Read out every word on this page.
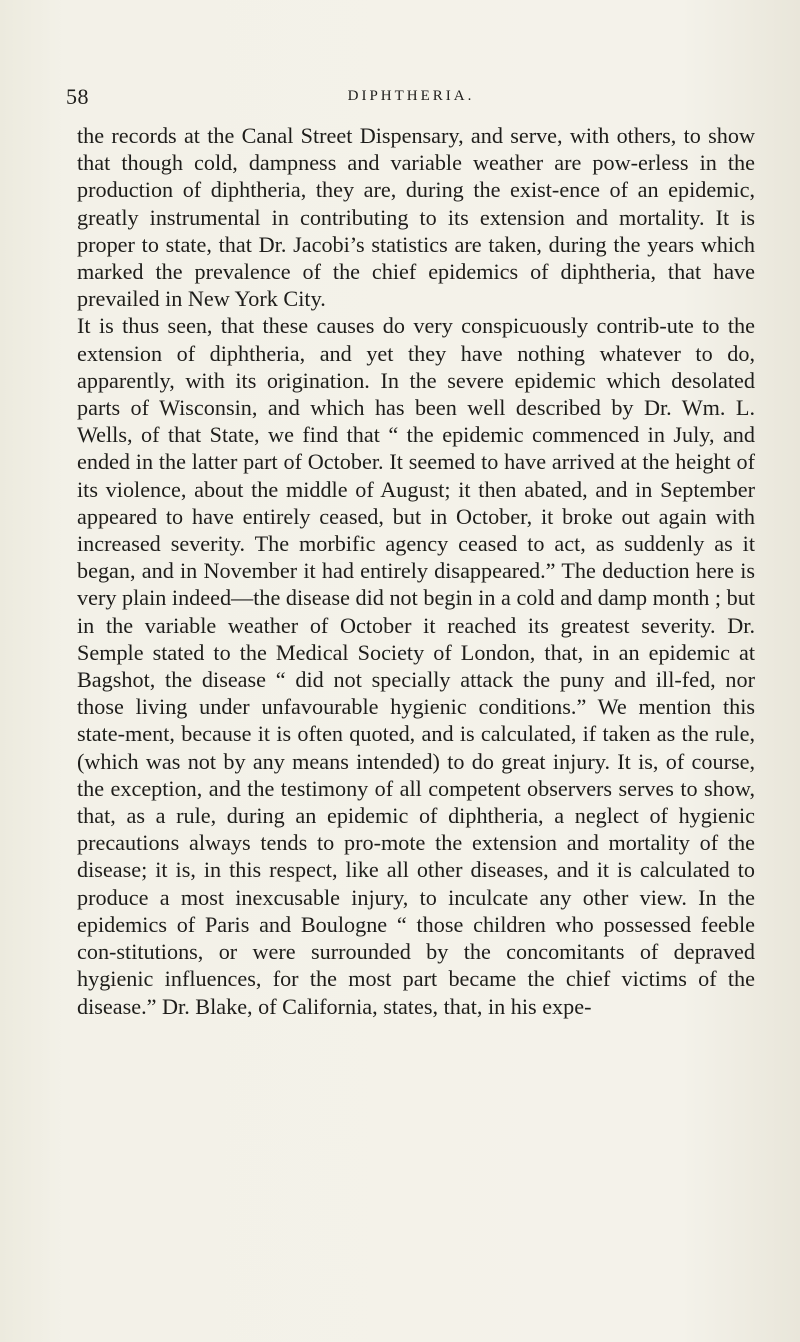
58	DIPHTHERIA.

the records at the Canal Street Dispensary, and serve, with others, to show that though cold, dampness and variable weather are pow-erless in the production of diphtheria, they are, during the exist-ence of an epidemic, greatly instrumental in contributing to its extension and mortality. It is proper to state, that Dr. Jacobi’s statistics are taken, during the years which marked the prevalence of the chief epidemics of diphtheria, that have prevailed in New York City.

It is thus seen, that these causes do very conspicuously contrib-ute to the extension of diphtheria, and yet they have nothing whatever to do, apparently, with its origination. In the severe epidemic which desolated parts of Wisconsin, and which has been well described by Dr. Wm. L. Wells, of that State, we find that “ the epidemic commenced in July, and ended in the latter part of October. It seemed to have arrived at the height of its violence, about the middle of August; it then abated, and in September appeared to have entirely ceased, but in October, it broke out again with increased severity. The morbific agency ceased to act, as suddenly as it began, and in November it had entirely disappeared.” The deduction here is very plain indeed—the disease did not begin in a cold and damp month ; but in the variable weather of October it reached its greatest severity. Dr. Semple stated to the Medical Society of London, that, in an epidemic at Bagshot, the disease “ did not specially attack the puny and ill-fed, nor those living under unfavourable hygienic conditions.” We mention this state-ment, because it is often quoted, and is calculated, if taken as the rule, (which was not by any means intended) to do great injury. It is, of course, the exception, and the testimony of all competent observers serves to show, that, as a rule, during an epidemic of diphtheria, a neglect of hygienic precautions always tends to pro-mote the extension and mortality of the disease; it is, in this respect, like all other diseases, and it is calculated to produce a most inexcusable injury, to inculcate any other view. In the epidemics of Paris and Boulogne “ those children who possessed feeble con-stitutions, or were surrounded by the concomitants of depraved hygienic influences, for the most part became the chief victims of the disease.” Dr. Blake, of California, states, that, in his expe-
